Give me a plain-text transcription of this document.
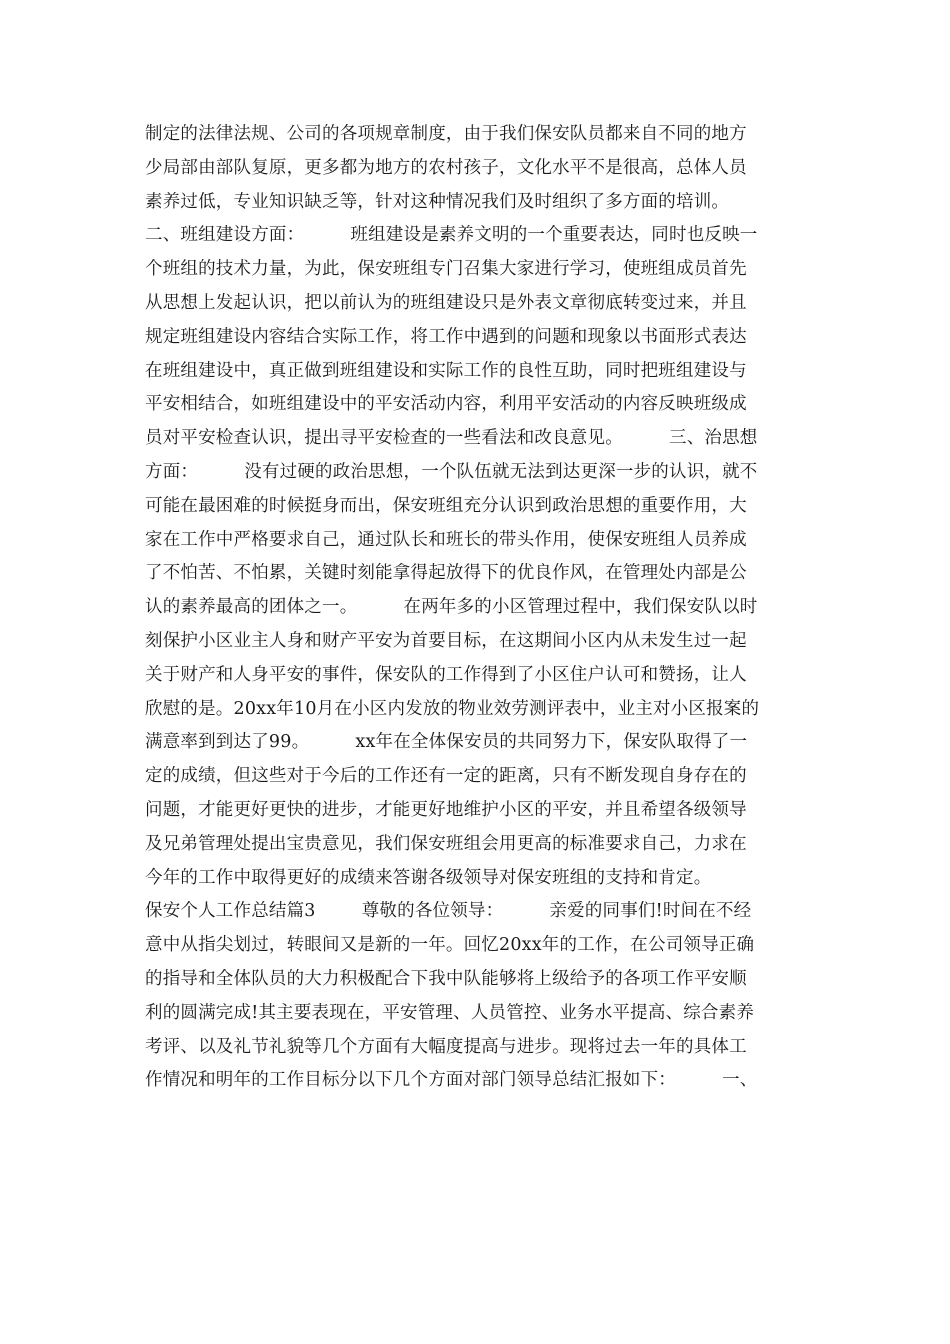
制定的法律法规、公司的各项规章制度，由于我们保安队员都来自不同的地方
少局部由部队复原，更多都为地方的农村孩子，文化水平不是很高，总体人员
素养过低，专业知识缺乏等，针对这种情况我们及时组织了多方面的培训。
二、班组建设方面：        班组建设是素养文明的一个重要表达，同时也反映一
个班组的技术力量，为此，保安班组专门召集大家进行学习，使班组成员首先
从思想上发起认识，把以前认为的班组建设只是外表文章彻底转变过来，并且
规定班组建设内容结合实际工作，将工作中遇到的问题和现象以书面形式表达
在班组建设中，真正做到班组建设和实际工作的良性互助，同时把班组建设与
平安相结合，如班组建设中的平安活动内容，利用平安活动的内容反映班级成
员对平安检查认识，提出寻平安检查的一些看法和改良意见。        三、治思想
方面：        没有过硬的政治思想，一个队伍就无法到达更深一步的认识，就不
可能在最困难的时候挺身而出，保安班组充分认识到政治思想的重要作用，大
家在工作中严格要求自己，通过队长和班长的带头作用，使保安班组人员养成
了不怕苦、不怕累，关键时刻能拿得起放得下的优良作风，在管理处内部是公
认的素养最高的团体之一。        在两年多的小区管理过程中，我们保安队以时
刻保护小区业主人身和财产平安为首要目标，在这期间小区内从未发生过一起
关于财产和人身平安的事件，保安队的工作得到了小区住户认可和赞扬，让人
欣慰的是。20xx年10月在小区内发放的物业效劳测评表中，业主对小区报案的
满意率到到达了99。        xx年在全体保安员的共同努力下，保安队取得了一
定的成绩，但这些对于今后的工作还有一定的距离，只有不断发现自身存在的
问题，才能更好更快的进步，才能更好地维护小区的平安，并且希望各级领导
及兄弟管理处提出宝贵意见，我们保安班组会用更高的标准要求自己，力求在
今年的工作中取得更好的成绩来答谢各级领导对保安班组的支持和肯定。
保安个人工作总结篇3        尊敬的各位领导：        亲爱的同事们!时间在不经
意中从指尖划过，转眼间又是新的一年。回忆20xx年的工作，在公司领导正确
的指导和全体队员的大力积极配合下我中队能够将上级给予的各项工作平安顺
利的圆满完成!其主要表现在，平安管理、人员管控、业务水平提高、综合素养
考评、以及礼节礼貌等几个方面有大幅度提高与进步。现将过去一年的具体工
作情况和明年的工作目标分以下几个方面对部门领导总结汇报如下：        一、
